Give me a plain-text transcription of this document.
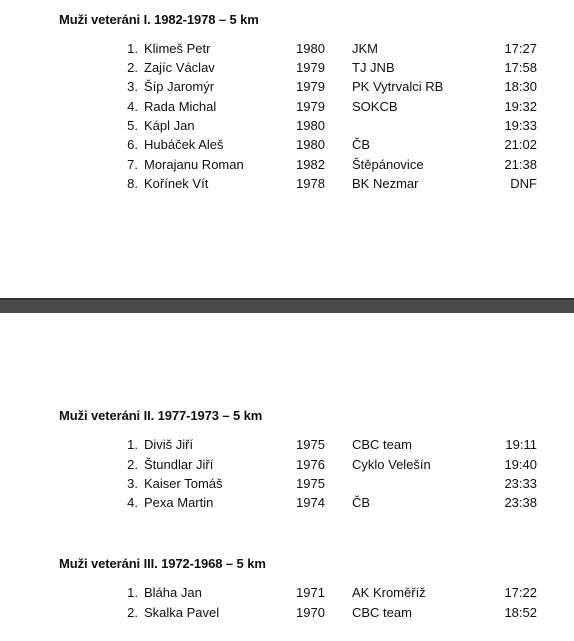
Muži veteráni I. 1982-1978 – 5 km
1. Klimeš Petr	1980 JKM	17:27
2. Zajíc Václav	1979 TJ JNB	17:58
3. Šíp Jaromýr	1979 PK Vytrvalci RB	18:30
4. Rada Michal	1979 SOKCB	19:32
5. Kápl Jan	1980	19:33
6. Hubáček Aleš	1980 ČB	21:02
7. Morajanu Roman	1982 Štěpánovice	21:38
8. Kořínek Vít	1978 BK Nezmar	DNF
Muži veteráni II. 1977-1973 – 5 km
1. Diviš Jiří	1975 CBC team	19:11
2. Štundlar Jiří	1976 Cyklo Velešín	19:40
3. Kaiser Tomáš	1975	23:33
4. Pexa Martin	1974 ČB	23:38
Muži veteráni III. 1972-1968 – 5 km
1. Bláha Jan	1971 AK Kroměříž	17:22
2. Skalka Pavel	1970 CBC team	18:52
